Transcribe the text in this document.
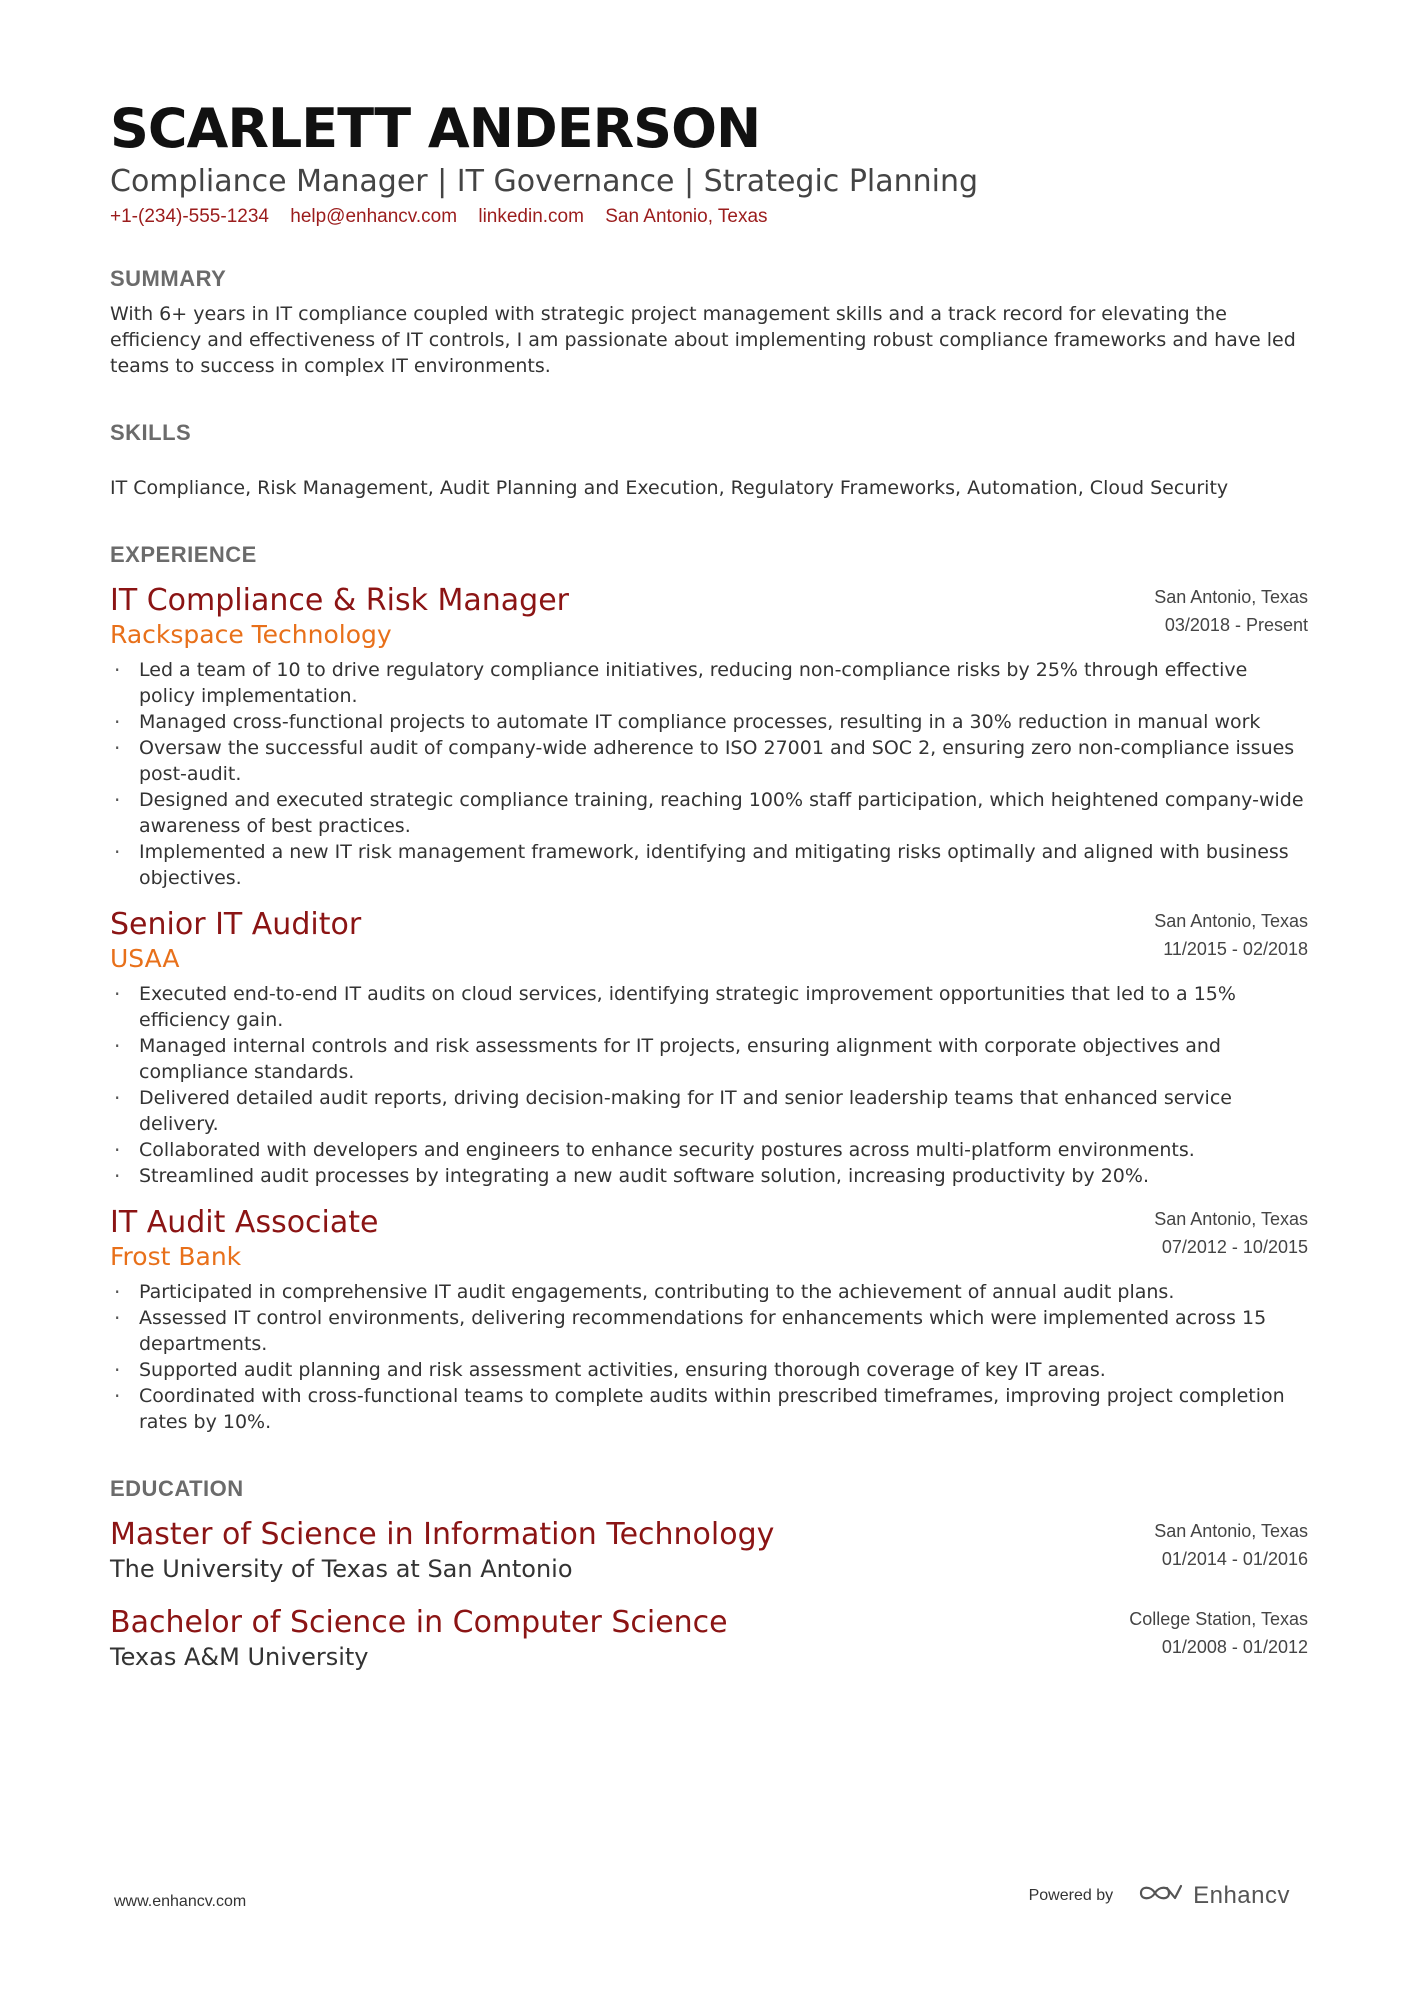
SCARLETT ANDERSON
Compliance Manager | IT Governance | Strategic Planning
+1-(234)-555-1234 help@enhancv.com linkedin.com San Antonio, Texas
SUMMARY
With 6+ years in IT compliance coupled with strategic project management skills and a track record for elevating the efficiency and effectiveness of IT controls, I am passionate about implementing robust compliance frameworks and have led teams to success in complex IT environments.
SKILLS
IT Compliance, Risk Management, Audit Planning and Execution, Regulatory Frameworks, Automation, Cloud Security
EXPERIENCE
IT Compliance & Risk Manager
Rackspace Technology
San Antonio, Texas
03/2018 - Present
· Led a team of 10 to drive regulatory compliance initiatives, reducing non-compliance risks by 25% through effective policy implementation.
· Managed cross-functional projects to automate IT compliance processes, resulting in a 30% reduction in manual work
· Oversaw the successful audit of company-wide adherence to ISO 27001 and SOC 2, ensuring zero non-compliance issues post-audit.
· Designed and executed strategic compliance training, reaching 100% staff participation, which heightened company-wide awareness of best practices.
· Implemented a new IT risk management framework, identifying and mitigating risks optimally and aligned with business objectives.
Senior IT Auditor
USAA
San Antonio, Texas
11/2015 - 02/2018
· Executed end-to-end IT audits on cloud services, identifying strategic improvement opportunities that led to a 15% efficiency gain.
· Managed internal controls and risk assessments for IT projects, ensuring alignment with corporate objectives and compliance standards.
· Delivered detailed audit reports, driving decision-making for IT and senior leadership teams that enhanced service delivery.
· Collaborated with developers and engineers to enhance security postures across multi-platform environments.
· Streamlined audit processes by integrating a new audit software solution, increasing productivity by 20%.
IT Audit Associate
Frost Bank
San Antonio, Texas
07/2012 - 10/2015
· Participated in comprehensive IT audit engagements, contributing to the achievement of annual audit plans.
· Assessed IT control environments, delivering recommendations for enhancements which were implemented across 15 departments.
· Supported audit planning and risk assessment activities, ensuring thorough coverage of key IT areas.
· Coordinated with cross-functional teams to complete audits within prescribed timeframes, improving project completion rates by 10%.
EDUCATION
Master of Science in Information Technology
The University of Texas at San Antonio
San Antonio, Texas
01/2014 - 01/2016
Bachelor of Science in Computer Science
Texas A&M University
College Station, Texas
01/2008 - 01/2012
www.enhancv.com	Powered by	Enhancv
